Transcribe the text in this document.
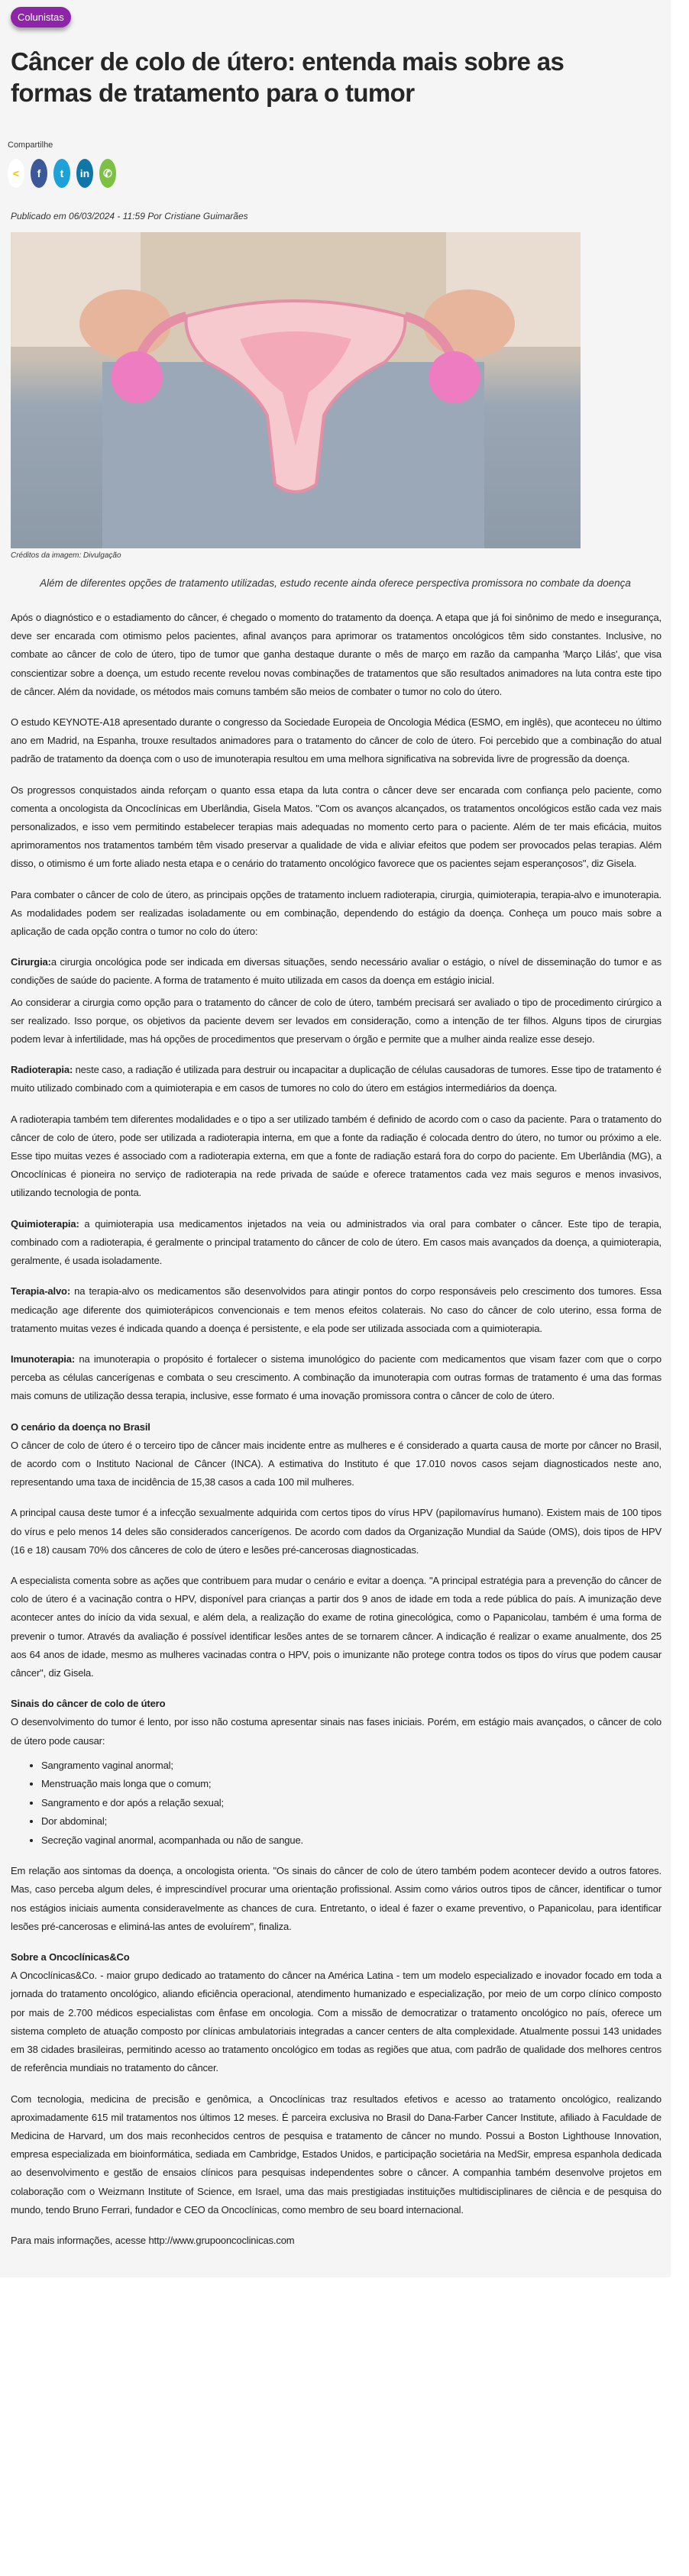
Colunistas
Câncer de colo de útero: entenda mais sobre as formas de tratamento para o tumor
Compartilhe
<	f	t	in	✆
Publicado em 06/03/2024 - 11:59 Por Cristiane Guimarães
Créditos da imagem: Divulgação
Além de diferentes opções de tratamento utilizadas, estudo recente ainda oferece perspectiva promissora no combate da doença

Após o diagnóstico e o estadiamento do câncer, é chegado o momento do tratamento da doença. A etapa que já foi sinônimo de medo e insegurança, deve ser encarada com otimismo pelos pacientes, afinal avanços para aprimorar os tratamentos oncológicos têm sido constantes. Inclusive, no combate ao câncer de colo de útero, tipo de tumor que ganha destaque durante o mês de março em razão da campanha 'Março Lilás', que visa conscientizar sobre a doença, um estudo recente revelou novas combinações de tratamentos que são resultados animadores na luta contra este tipo de câncer. Além da novidade, os métodos mais comuns também são meios de combater o tumor no colo do útero.

O estudo KEYNOTE-A18 apresentado durante o congresso da Sociedade Europeia de Oncologia Médica (ESMO, em inglês), que aconteceu no último ano em Madrid, na Espanha, trouxe resultados animadores para o tratamento do câncer de colo de útero. Foi percebido que a combinação do atual padrão de tratamento da doença com o uso de imunoterapia resultou em uma melhora significativa na sobrevida livre de progressão da doença.

Os progressos conquistados ainda reforçam o quanto essa etapa da luta contra o câncer deve ser encarada com confiança pelo paciente, como comenta a oncologista da Oncoclínicas em Uberlândia, Gisela Matos. "Com os avanços alcançados, os tratamentos oncológicos estão cada vez mais personalizados, e isso vem permitindo estabelecer terapias mais adequadas no momento certo para o paciente. Além de ter mais eficácia, muitos aprimoramentos nos tratamentos também têm visado preservar a qualidade de vida e aliviar efeitos que podem ser provocados pelas terapias. Além disso, o otimismo é um forte aliado nesta etapa e o cenário do tratamento oncológico favorece que os pacientes sejam esperançosos", diz Gisela.

Para combater o câncer de colo de útero, as principais opções de tratamento incluem radioterapia, cirurgia, quimioterapia, terapia-alvo e imunoterapia. As modalidades podem ser realizadas isoladamente ou em combinação, dependendo do estágio da doença. Conheça um pouco mais sobre a aplicação de cada opção contra o tumor no colo do útero:

Cirurgia:a cirurgia oncológica pode ser indicada em diversas situações, sendo necessário avaliar o estágio, o nível de disseminação do tumor e as condições de saúde do paciente. A forma de tratamento é muito utilizada em casos da doença em estágio inicial.

Ao considerar a cirurgia como opção para o tratamento do câncer de colo de útero, também precisará ser avaliado o tipo de procedimento cirúrgico a ser realizado. Isso porque, os objetivos da paciente devem ser levados em consideração, como a intenção de ter filhos. Alguns tipos de cirurgias podem levar à infertilidade, mas há opções de procedimentos que preservam o órgão e permite que a mulher ainda realize esse desejo.

Radioterapia: neste caso, a radiação é utilizada para destruir ou incapacitar a duplicação de células causadoras de tumores. Esse tipo de tratamento é muito utilizado combinado com a quimioterapia e em casos de tumores no colo do útero em estágios intermediários da doença.

A radioterapia também tem diferentes modalidades e o tipo a ser utilizado também é definido de acordo com o caso da paciente. Para o tratamento do câncer de colo de útero, pode ser utilizada a radioterapia interna, em que a fonte da radiação é colocada dentro do útero, no tumor ou próximo a ele. Esse tipo muitas vezes é associado com a radioterapia externa, em que a fonte de radiação estará fora do corpo do paciente. Em Uberlândia (MG), a Oncoclínicas é pioneira no serviço de radioterapia na rede privada de saúde e oferece tratamentos cada vez mais seguros e menos invasivos, utilizando tecnologia de ponta.

Quimioterapia: a quimioterapia usa medicamentos injetados na veia ou administrados via oral para combater o câncer. Este tipo de terapia, combinado com a radioterapia, é geralmente o principal tratamento do câncer de colo de útero. Em casos mais avançados da doença, a quimioterapia, geralmente, é usada isoladamente.

Terapia-alvo: na terapia-alvo os medicamentos são desenvolvidos para atingir pontos do corpo responsáveis pelo crescimento dos tumores. Essa medicação age diferente dos quimioterápicos convencionais e tem menos efeitos colaterais. No caso do câncer de colo uterino, essa forma de tratamento muitas vezes é indicada quando a doença é persistente, e ela pode ser utilizada associada com a quimioterapia.

Imunoterapia: na imunoterapia o propósito é fortalecer o sistema imunológico do paciente com medicamentos que visam fazer com que o corpo perceba as células cancerígenas e combata o seu crescimento. A combinação da imunoterapia com outras formas de tratamento é uma das formas mais comuns de utilização dessa terapia, inclusive, esse formato é uma inovação promissora contra o câncer de colo de útero.

O cenário da doença no Brasil

O câncer de colo de útero é o terceiro tipo de câncer mais incidente entre as mulheres e é considerado a quarta causa de morte por câncer no Brasil, de acordo com o Instituto Nacional de Câncer (INCA). A estimativa do Instituto é que 17.010 novos casos sejam diagnosticados neste ano, representando uma taxa de incidência de 15,38 casos a cada 100 mil mulheres.

A principal causa deste tumor é a infecção sexualmente adquirida com certos tipos do vírus HPV (papilomavírus humano). Existem mais de 100 tipos do vírus e pelo menos 14 deles são considerados cancerígenos. De acordo com dados da Organização Mundial da Saúde (OMS), dois tipos de HPV (16 e 18) causam 70% dos cânceres de colo de útero e lesões pré-cancerosas diagnosticadas.

A especialista comenta sobre as ações que contribuem para mudar o cenário e evitar a doença. "A principal estratégia para a prevenção do câncer de colo de útero é a vacinação contra o HPV, disponível para crianças a partir dos 9 anos de idade em toda a rede pública do país. A imunização deve acontecer antes do início da vida sexual, e além dela, a realização do exame de rotina ginecológica, como o Papanicolau, também é uma forma de prevenir o tumor. Através da avaliação é possível identificar lesões antes de se tornarem câncer. A indicação é realizar o exame anualmente, dos 25 aos 64 anos de idade, mesmo as mulheres vacinadas contra o HPV, pois o imunizante não protege contra todos os tipos do vírus que podem causar câncer", diz Gisela.

Sinais do câncer de colo de útero

O desenvolvimento do tumor é lento, por isso não costuma apresentar sinais nas fases iniciais. Porém, em estágio mais avançados, o câncer de colo de útero pode causar:

• Sangramento vaginal anormal;
• Menstruação mais longa que o comum;
• Sangramento e dor após a relação sexual;
• Dor abdominal;
• Secreção vaginal anormal, acompanhada ou não de sangue.

Em relação aos sintomas da doença, a oncologista orienta. "Os sinais do câncer de colo de útero também podem acontecer devido a outros fatores. Mas, caso perceba algum deles, é imprescindível procurar uma orientação profissional. Assim como vários outros tipos de câncer, identificar o tumor nos estágios iniciais aumenta consideravelmente as chances de cura. Entretanto, o ideal é fazer o exame preventivo, o Papanicolau, para identificar lesões pré-cancerosas e eliminá-las antes de evoluírem", finaliza.

Sobre a Oncoclínicas&Co

A Oncoclínicas&Co. - maior grupo dedicado ao tratamento do câncer na América Latina - tem um modelo especializado e inovador focado em toda a jornada do tratamento oncológico, aliando eficiência operacional, atendimento humanizado e especialização, por meio de um corpo clínico composto por mais de 2.700 médicos especialistas com ênfase em oncologia. Com a missão de democratizar o tratamento oncológico no país, oferece um sistema completo de atuação composto por clínicas ambulatoriais integradas a cancer centers de alta complexidade. Atualmente possui 143 unidades em 38 cidades brasileiras, permitindo acesso ao tratamento oncológico em todas as regiões que atua, com padrão de qualidade dos melhores centros de referência mundiais no tratamento do câncer.

Com tecnologia, medicina de precisão e genômica, a Oncoclínicas traz resultados efetivos e acesso ao tratamento oncológico, realizando aproximadamente 615 mil tratamentos nos últimos 12 meses. É parceira exclusiva no Brasil do Dana-Farber Cancer Institute, afiliado à Faculdade de Medicina de Harvard, um dos mais reconhecidos centros de pesquisa e tratamento de câncer no mundo. Possui a Boston Lighthouse Innovation, empresa especializada em bioinformática, sediada em Cambridge, Estados Unidos, e participação societária na MedSir, empresa espanhola dedicada ao desenvolvimento e gestão de ensaios clínicos para pesquisas independentes sobre o câncer. A companhia também desenvolve projetos em colaboração com o Weizmann Institute of Science, em Israel, uma das mais prestigiadas instituições multidisciplinares de ciência e de pesquisa do mundo, tendo Bruno Ferrari, fundador e CEO da Oncoclínicas, como membro de seu board internacional.

Para mais informações, acesse http://www.grupooncoclinicas.com
